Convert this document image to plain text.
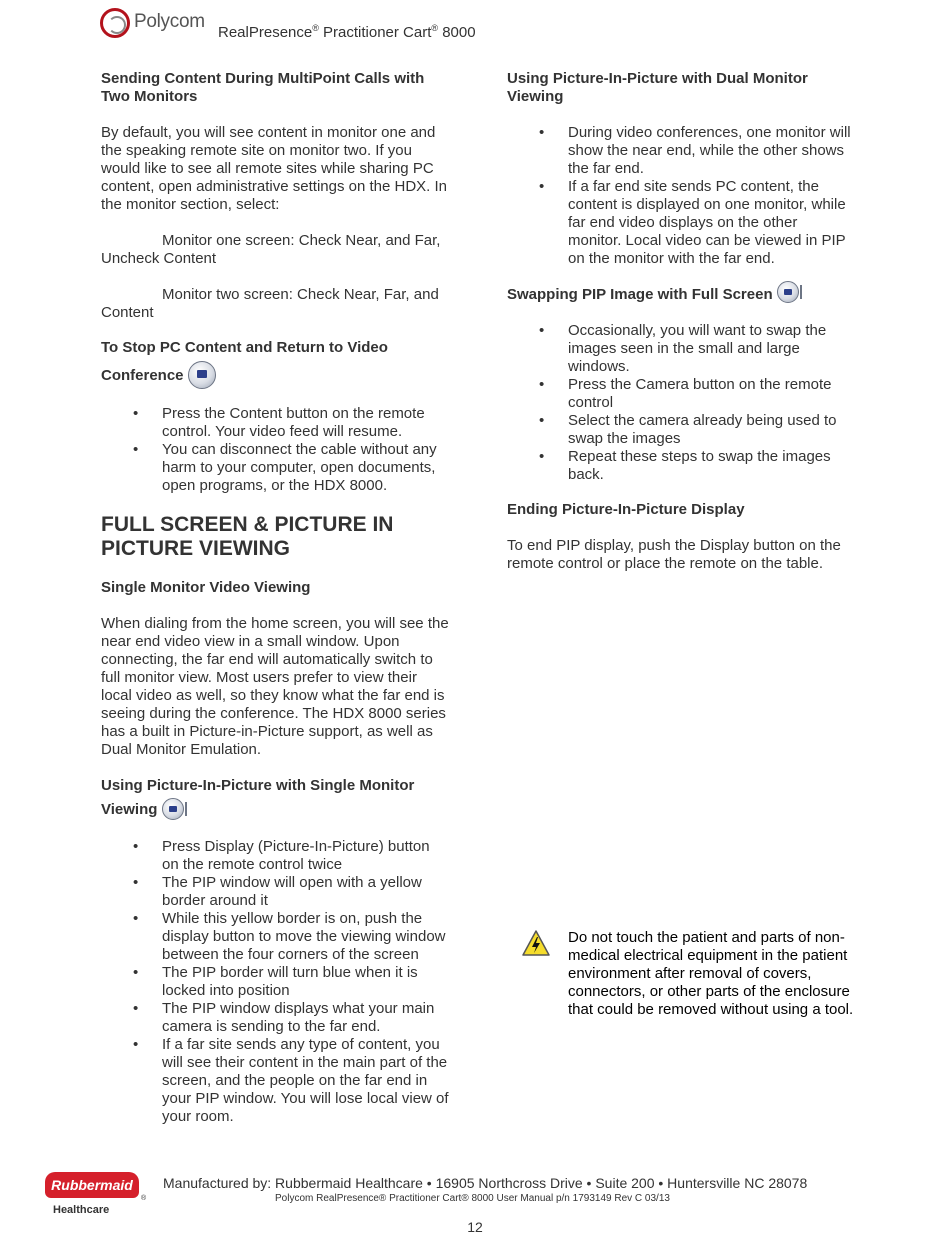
Polycom
RealPresence® Practitioner Cart® 8000
Sending Content During MultiPoint Calls with Two Monitors

By default, you will see content in monitor one and the speaking remote site on monitor two. If you would like to see all remote sites while sharing PC content, open administrative settings on the HDX. In the monitor section, select:

Monitor one screen: Check Near, and Far, Uncheck Content

Monitor two screen: Check Near, Far, and Content

To Stop PC Content and Return to Video
Conference
• Press the Content button on the remote control. Your video feed will resume.
• You can disconnect the cable without any harm to your computer, open documents, open programs, or the HDX 8000.
FULL SCREEN & PICTURE IN PICTURE VIEWING
Single Monitor Video Viewing

When dialing from the home screen, you will see the near end video view in a small window. Upon connecting, the far end will automatically switch to full monitor view. Most users prefer to view their local video as well, so they know what the far end is seeing during the conference. The HDX 8000 series has a built in Picture-in-Picture support, as well as Dual Monitor Emulation.

Using Picture-In-Picture with Single Monitor
Viewing
• Press Display (Picture-In-Picture) button on the remote control twice
• The PIP window will open with a yellow border around it
• While this yellow border is on, push the display button to move the viewing window between the four corners of the screen
• The PIP border will turn blue when it is locked into position
• The PIP window displays what your main camera is sending to the far end.
• If a far site sends any type of content, you will see their content in the main part of the screen, and the people on the far end in your PIP window. You will lose local view of your room.
Using Picture-In-Picture with Dual Monitor Viewing
• During video conferences, one monitor will show the near end, while the other shows the far end.
• If a far end site sends PC content, the content is displayed on one monitor, while far end video displays on the other monitor. Local video can be viewed in PIP on the monitor with the far end.
Swapping PIP Image with Full Screen
• Occasionally, you will want to swap the images seen in the small and large windows.
• Press the Camera button on the remote control
• Select the camera already being used to swap the images
• Repeat these steps to swap the images back.
Ending Picture-In-Picture Display

To end PIP display, push the Display button on the remote control or place the remote on the table.

Do not touch the patient and parts of non-medical electrical equipment in the patient environment after removal of covers, connectors, or other parts of the enclosure that could be removed without using a tool.
Rubbermaid
®
Healthcare
Manufactured by: Rubbermaid Healthcare • 16905 Northcross Drive • Suite 200 • Huntersville NC 28078
Polycom RealPresence® Practitioner Cart® 8000 User Manual p/n 1793149 Rev C 03/13
12
